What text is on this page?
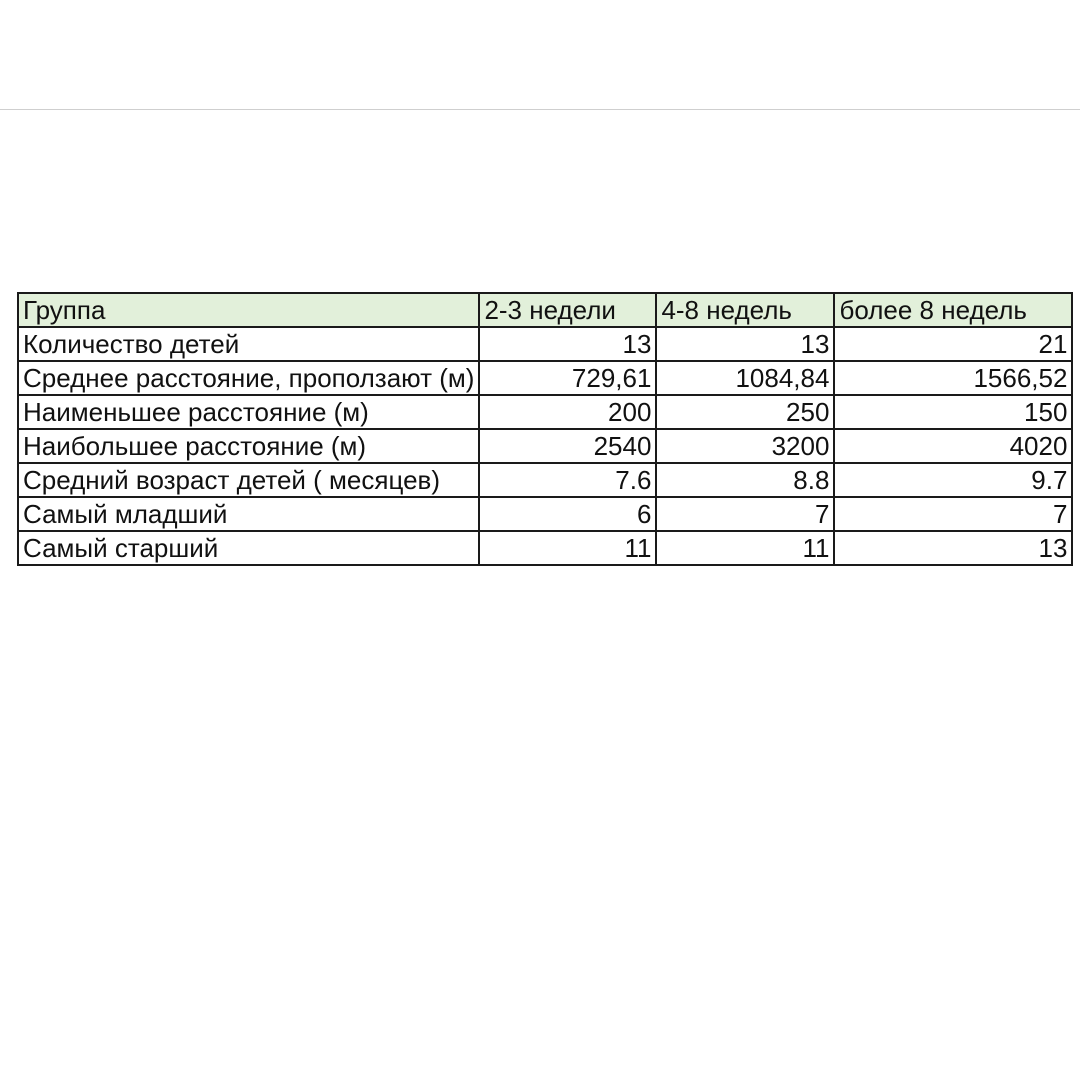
Группа	2-3 недели	4-8 недель	более 8 недель
Количество детей	13	13	21
Среднее расстояние, проползают (м)	729,61	1084,84	1566,52
Наименьшее расстояние (м)	200	250	150
Наибольшее расстояние (м)	2540	3200	4020
Средний возраст детей ( месяцев)	7.6	8.8	9.7
Самый младший	6	7	7
Самый старший	11	11	13
